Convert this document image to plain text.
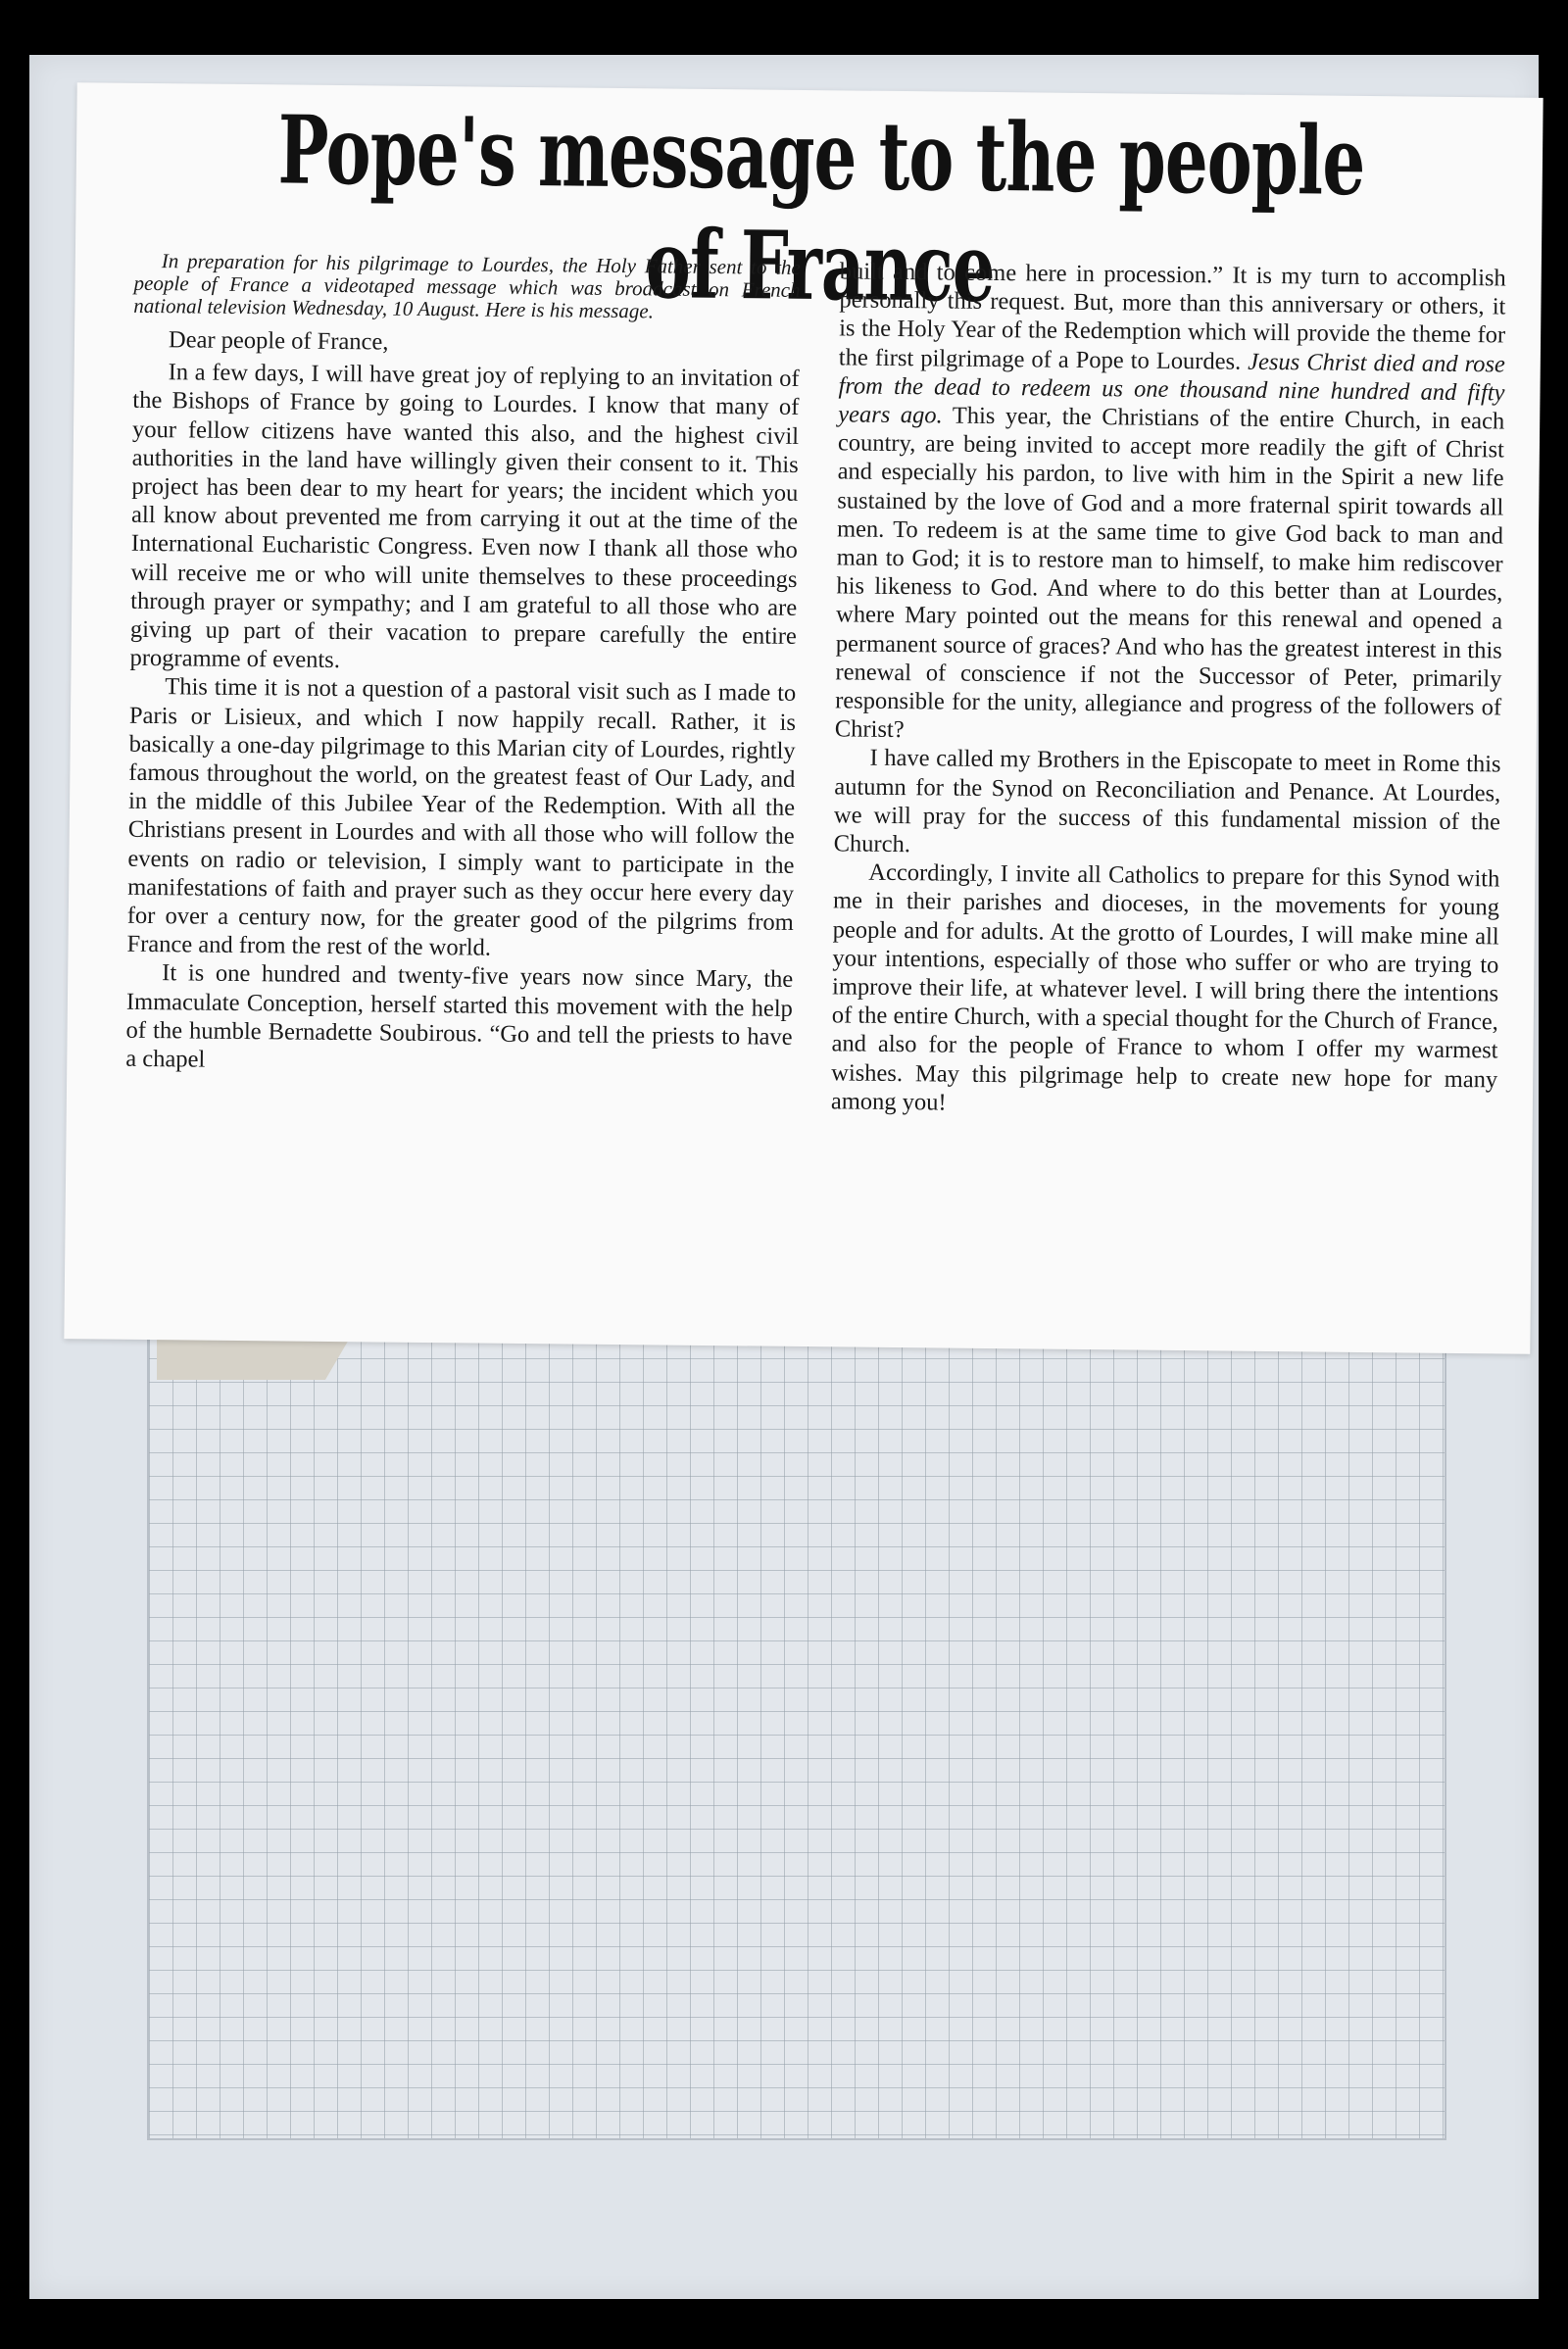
Pope's message to the people of France

In preparation for his pilgrimage to Lourdes, the Holy Father sent to the people of France a videotaped message which was broadcast on French national television Wednesday, 10 August. Here is his message.

Dear people of France,

In a few days, I will have great joy of replying to an invitation of the Bishops of France by going to Lourdes. I know that many of your fellow citizens have wanted this also, and the highest civil authorities in the land have willingly given their consent to it. This project has been dear to my heart for years; the incident which you all know about prevented me from carrying it out at the time of the International Eucharistic Congress. Even now I thank all those who will receive me or who will unite themselves to these proceedings through prayer or sympathy; and I am grateful to all those who are giving up part of their vacation to prepare carefully the entire programme of events.

This time it is not a question of a pastoral visit such as I made to Paris or Lisieux, and which I now happily recall. Rather, it is basically a one-day pilgrimage to this Marian city of Lourdes, rightly famous throughout the world, on the greatest feast of Our Lady, and in the middle of this Jubilee Year of the Redemption. With all the Christians present in Lourdes and with all those who will follow the events on radio or television, I simply want to participate in the manifestations of faith and prayer such as they occur here every day for over a century now, for the greater good of the pilgrims from France and from the rest of the world.

It is one hundred and twenty-five years now since Mary, the Immaculate Conception, herself started this movement with the help of the humble Bernadette Soubirous. “Go and tell the priests to have a chapel

built and to come here in procession.” It is my turn to accomplish personally this request. But, more than this anniversary or others, it is the Holy Year of the Redemption which will provide the theme for the first pilgrimage of a Pope to Lourdes. Jesus Christ died and rose from the dead to redeem us one thousand nine hundred and fifty years ago. This year, the Christians of the entire Church, in each country, are being invited to accept more readily the gift of Christ and especially his pardon, to live with him in the Spirit a new life sustained by the love of God and a more fraternal spirit towards all men. To redeem is at the same time to give God back to man and man to God; it is to restore man to himself, to make him rediscover his likeness to God. And where to do this better than at Lourdes, where Mary pointed out the means for this renewal and opened a permanent source of graces? And who has the greatest interest in this renewal of conscience if not the Successor of Peter, primarily responsible for the unity, allegiance and progress of the followers of Christ?

I have called my Brothers in the Episcopate to meet in Rome this autumn for the Synod on Reconciliation and Penance. At Lourdes, we will pray for the success of this fundamental mission of the Church.

Accordingly, I invite all Catholics to prepare for this Synod with me in their parishes and dioceses, in the movements for young people and for adults. At the grotto of Lourdes, I will make mine all your intentions, especially of those who suffer or who are trying to improve their life, at whatever level. I will bring there the intentions of the entire Church, with a special thought for the Church of France, and also for the people of France to whom I offer my warmest wishes. May this pilgrimage help to create new hope for many among you!
